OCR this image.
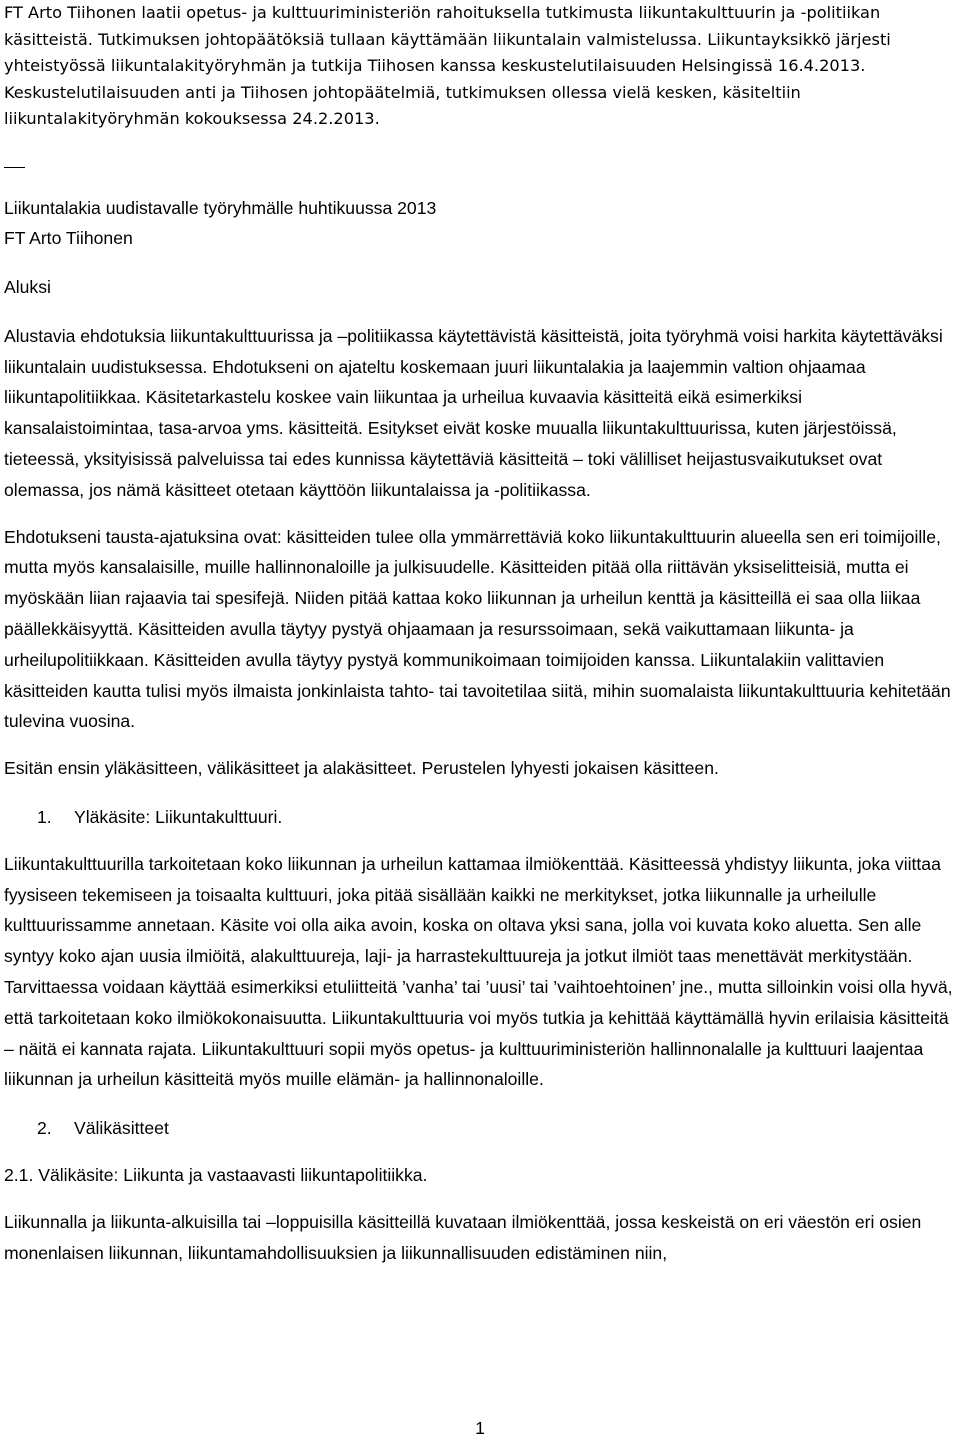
FT Arto Tiihonen laatii opetus- ja kulttuuriministeriön rahoituksella tutkimusta liikuntakulttuurin ja -politiikan käsitteistä. Tutkimuksen johtopäätöksiä tullaan käyttämään liikuntalain valmistelussa. Liikuntayksikkö järjesti yhteistyössä liikuntalakityöryhmän ja tutkija Tiihosen kanssa keskustelutilaisuuden Helsingissä 16.4.2013. Keskustelutilaisuuden anti ja Tiihosen johtopäätelmiä, tutkimuksen ollessa vielä kesken, käsiteltiin liikuntalakityöryhmän kokouksessa 24.2.2013.

Liikuntalakia uudistavalle työryhmälle huhtikuussa 2013
FT Arto Tiihonen
Aluksi

Alustavia ehdotuksia liikuntakulttuurissa ja –politiikassa käytettävistä käsitteistä, joita työryhmä voisi harkita käytettäväksi liikuntalain uudistuksessa. Ehdotukseni on ajateltu koskemaan juuri liikuntalakia ja laajemmin valtion ohjaamaa liikuntapolitiikkaa. Käsitetarkastelu koskee vain liikuntaa ja urheilua kuvaavia käsitteitä eikä esimerkiksi kansalaistoimintaa, tasa-arvoa yms. käsitteitä. Esitykset eivät koske muualla liikuntakulttuurissa, kuten järjestöissä, tieteessä, yksityisissä palveluissa tai edes kunnissa käytettäviä käsitteitä – toki välilliset heijastusvaikutukset ovat olemassa, jos nämä käsitteet otetaan käyttöön liikuntalaissa ja -politiikassa.

Ehdotukseni tausta-ajatuksina ovat: käsitteiden tulee olla ymmärrettäviä koko liikuntakulttuurin alueella sen eri toimijoille, mutta myös kansalaisille, muille hallinnonaloille ja julkisuudelle. Käsitteiden pitää olla riittävän yksiselitteisiä, mutta ei myöskään liian rajaavia tai spesifejä. Niiden pitää kattaa koko liikunnan ja urheilun kenttä ja käsitteillä ei saa olla liikaa päällekkäisyyttä. Käsitteiden avulla täytyy pystyä ohjaamaan ja resurssoimaan, sekä vaikuttamaan liikunta- ja urheilupolitiikkaan. Käsitteiden avulla täytyy pystyä kommunikoimaan toimijoiden kanssa. Liikuntalakiin valittavien käsitteiden kautta tulisi myös ilmaista jonkinlaista tahto- tai tavoitetilaa siitä, mihin suomalaista liikuntakulttuuria kehitetään tulevina vuosina.

Esitän ensin yläkäsitteen, välikäsitteet ja alakäsitteet. Perustelen lyhyesti jokaisen käsitteen.

1.	Yläkäsite: Liikuntakulttuuri.

Liikuntakulttuurilla tarkoitetaan koko liikunnan ja urheilun kattamaa ilmiökenttää. Käsitteessä yhdistyy liikunta, joka viittaa fyysiseen tekemiseen ja toisaalta kulttuuri, joka pitää sisällään kaikki ne merkitykset, jotka liikunnalle ja urheilulle kulttuurissamme annetaan. Käsite voi olla aika avoin, koska on oltava yksi sana, jolla voi kuvata koko aluetta. Sen alle syntyy koko ajan uusia ilmiöitä, alakulttuureja, laji- ja harrastekulttuureja ja jotkut ilmiöt taas menettävät merkitystään. Tarvittaessa voidaan käyttää esimerkiksi etuliitteitä ’vanha’ tai ’uusi’ tai ’vaihtoehtoinen’ jne., mutta silloinkin voisi olla hyvä, että tarkoitetaan koko ilmiökokonaisuutta. Liikuntakulttuuria voi myös tutkia ja kehittää käyttämällä hyvin erilaisia käsitteitä – näitä ei kannata rajata. Liikuntakulttuuri sopii myös opetus- ja kulttuuriministeriön hallinnonalalle ja kulttuuri laajentaa liikunnan ja urheilun käsitteitä myös muille elämän- ja hallinnonaloille.

2.	Välikäsitteet
2.1. Välikäsite: Liikunta ja vastaavasti liikuntapolitiikka.

Liikunnalla ja liikunta-alkuisilla tai –loppuisilla käsitteillä kuvataan ilmiökenttää, jossa keskeistä on eri väestön eri osien monenlaisen liikunnan, liikuntamahdollisuuksien ja liikunnallisuuden edistäminen niin,

1
